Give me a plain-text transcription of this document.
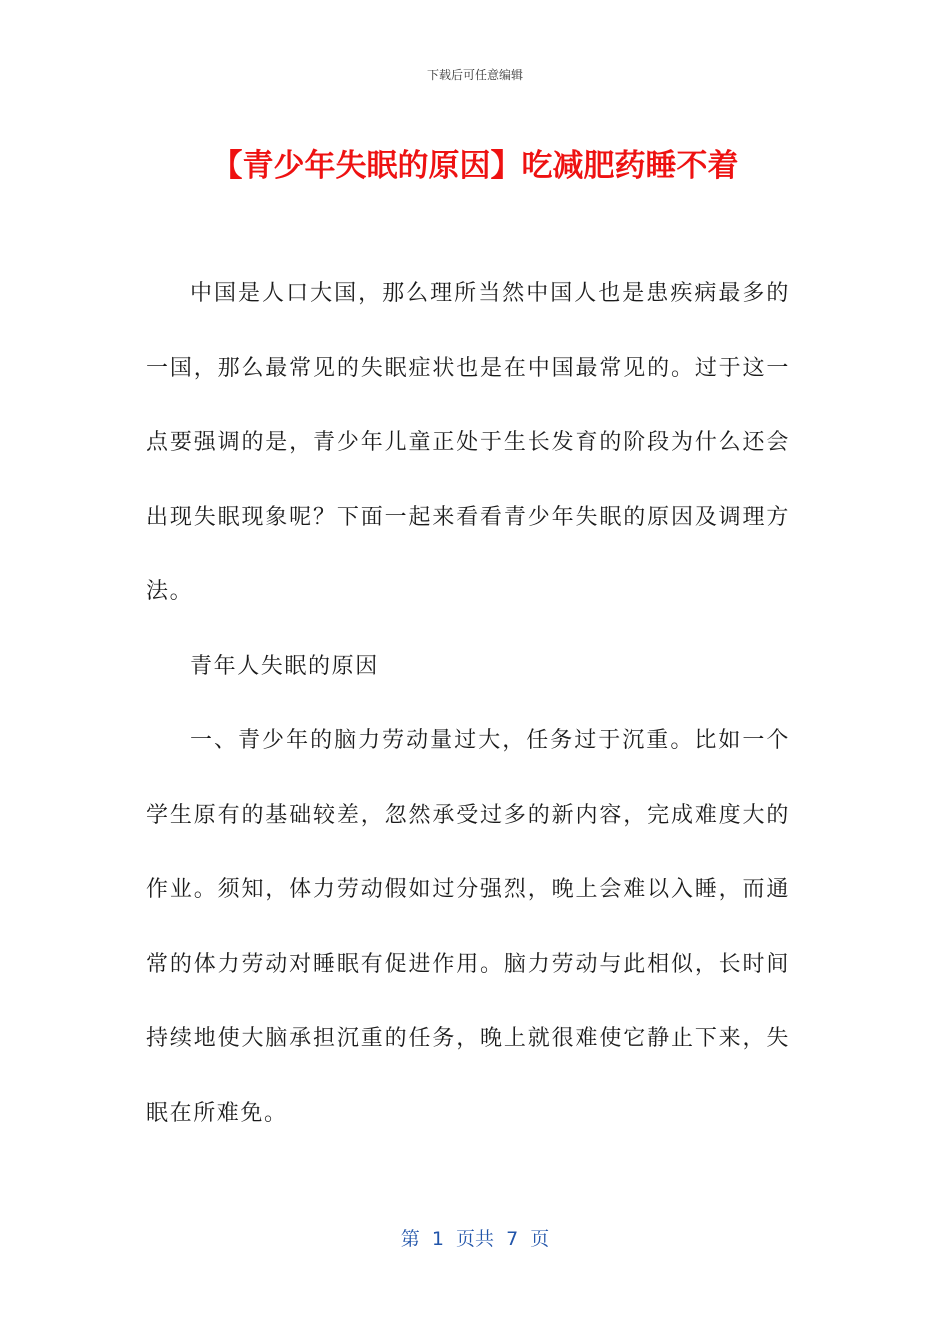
下载后可任意编辑
【青少年失眠的原因】吃减肥药睡不着

中国是人口大国，那么理所当然中国人也是患疾病最多的一国，那么最常见的失眠症状也是在中国最常见的。过于这一点要强调的是，青少年儿童正处于生长发育的阶段为什么还会出现失眠现象呢？下面一起来看看青少年失眠的原因及调理方法。

青年人失眠的原因

一、青少年的脑力劳动量过大，任务过于沉重。比如一个学生原有的基础较差，忽然承受过多的新内容，完成难度大的作业。须知，体力劳动假如过分强烈，晚上会难以入睡，而通常的体力劳动对睡眠有促进作用。脑力劳动与此相似，长时间持续地使大脑承担沉重的任务，晚上就很难使它静止下来，失眠在所难免。

第  1  页共  7  页
